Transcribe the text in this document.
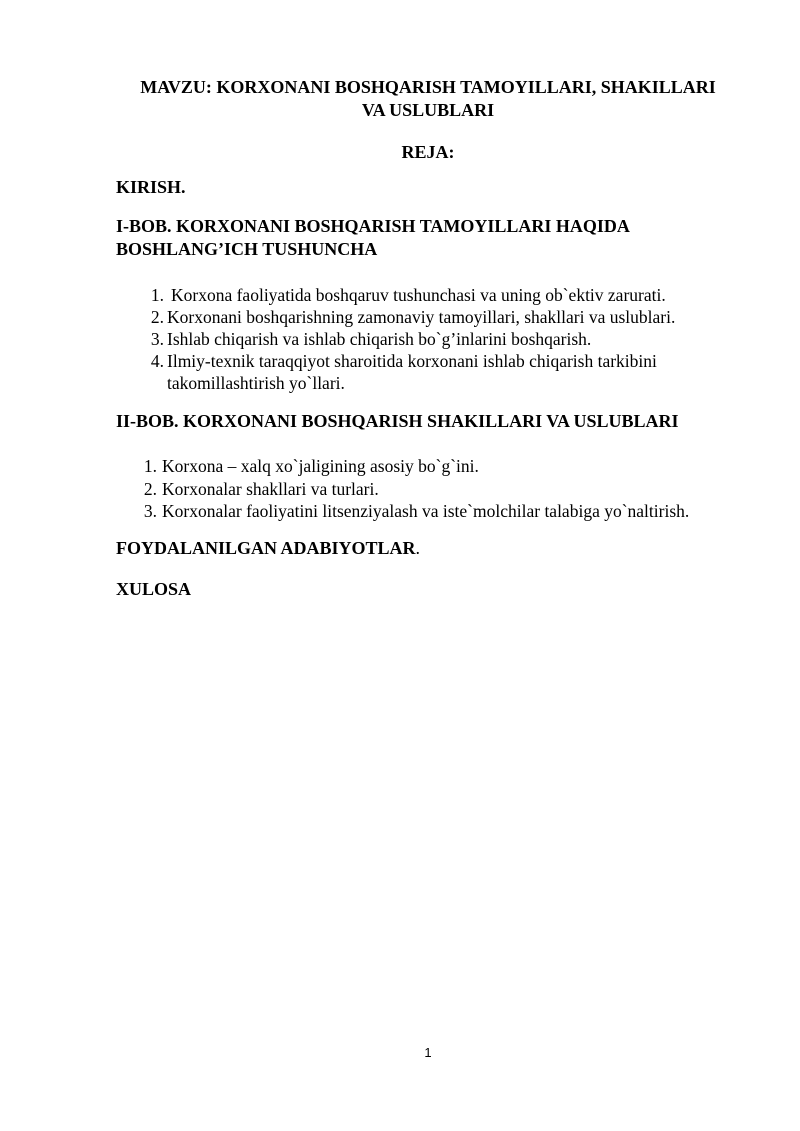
MAVZU: KORXONANI BOSHQARISH TAMOYILLARI, SHAKILLARI

VA USLUBLARI

REJA:

KIRISH.

I-BOB. KORXONANI BOSHQARISH TAMOYILLARI HAQIDA

BOSHLANG’ICH TUSHUNCHA

1. Korxona faoliyatida boshqaruv tushunchasi va uning ob`ektiv zarurati.
2. Korxonani boshqarishning zamonaviy tamoyillari, shakllari va uslublari.
3. Ishlab chiqarish va ishlab chiqarish bo`g’inlarini boshqarish.
4. Ilmiy-texnik taraqqiyot sharoitida korxonani ishlab chiqarish tarkibini
takomillashtirish yo`llari.

II-BOB. KORXONANI BOSHQARISH SHAKILLARI VA USLUBLARI

1. Korxona – xalq xo`jaligining asosiy bo`g`ini.
2. Korxonalar shakllari va turlari.
3. Korxonalar faoliyatini litsenziyalash va iste`molchilar talabiga yo`naltirish.

FOYDALANILGAN ADABIYOTLAR.

XULOSA

1
